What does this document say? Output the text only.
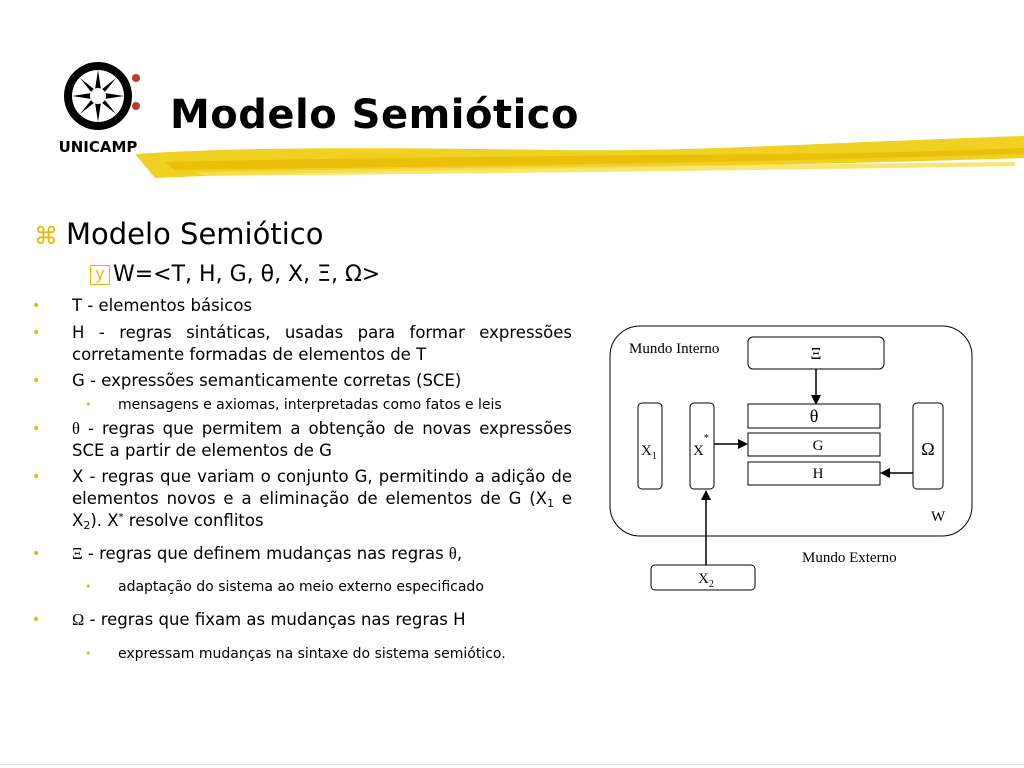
UNICAMP
Modelo Semiótico
⌘ Modelo Semiótico
y W=<T, H, G, θ, X, Ξ, Ω>
• T - elementos básicos
• H - regras sintáticas, usadas para formar expressões corretamente formadas de elementos de T
• G - expressões semanticamente corretas (SCE)
• mensagens e axiomas, interpretadas como fatos e leis
• θ - regras que permitem a obtenção de novas expressões SCE a partir de elementos de G
• X - regras que variam o conjunto G, permitindo a adição de elementos novos e a eliminação de elementos de G ($X_1$ e $X_2$). X* resolve conflitos
• Ξ - regras que definem mudanças nas regras θ,
• adaptação do sistema ao meio externo especificado
• Ω - regras que fixam as mudanças nas regras H
• expressam mudanças na sintaxe do sistema semiótico.
Mundo Interno	Ξ
θ
G
H
$X_1$ X*
Ω
W
Mundo Externo
$X_2$
